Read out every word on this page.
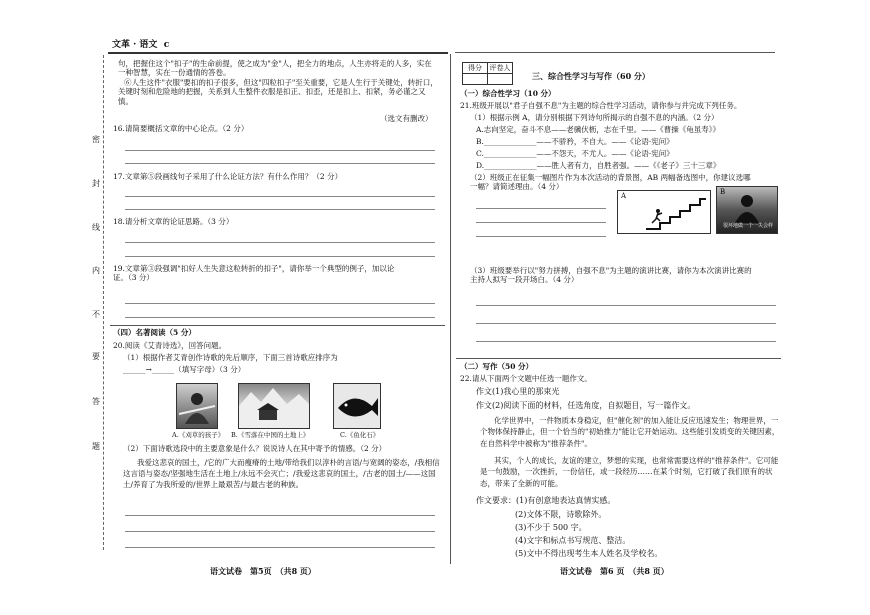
文革 · 语文 c
密
封
线
内
不
要
答
题
句，把握住这个"扣子"的生命前提，使之成为"金"人，把全力的地点，人生亦将走的人多，实在一种智慧，实在一份通情的答卷。
⑥人生这件"衣服"要扣的扣子很多，但这"四粒扣子"至关重要，它是人生行于关键处，转折口，关键时刻和危险地的把握，关系到人生整件衣服是扣正、扣歪，还是扣上、扣紧，务必谨之又慎。
（选文有删改）
16.请简要概括文章的中心论点。（2 分）
17.文章第⑤段画线句子采用了什么论证方法？有什么作用？（2 分）
18.请分析文章的论证思路。（3 分）
19.文章第③段强调"扣好人生失意这粒转折的扣子"，请你举一个典型的例子，加以论
证。（3 分）
（四）名著阅读（5 分）
20.阅读《艾青诗选》，回答问题。
（1）根据作者艾青创作诗歌的先后顺序，下面三首诗歌应排序为
______→______（填写字母）（3 分）
A.《刈草的孩子》 B.《雪落在中国的土地上》	C.《鱼化石》
（2）下面诗歌选段中的主要意象是什么？说说诗人在其中寄予的情感。（2 分）
我爱这悲哀的国土，/它的广大而瘦瘠的土地/带给我们以淳朴的言语/与宽阔的姿态，/我相信这言语与姿态/坚强地生活在土地上/永远不会灭亡；/我爱这悲哀的国土，/古老的国土/——这国土/养育了为我所爱的/世界上最艰苦/与最古老的种族。
语文试卷　第5页　（共8 页）
得分	评卷人

三、综合性学习与写作（60 分）
（一）综合性学习（10 分）
21.班级开展以"君子自强不息"为主题的综合性学习活动，请你参与并完成下列任务。
（1）根据示例 A，请分别根据下列诗句所揭示的自强不息的内涵。（2 分）
A.志向坚定，奋斗不息——老骥伏枥，志在千里。——《曹操《龟虽寿》》
B.______________——不骄矜，不自大。——《论语·宪问》
C.______________——不怨天，不尤人。——《论语·宪问》
D.______________——胜人者有力，自胜者强。——《《老子》三十三章》
（2）班级正在征集一幅图片作为本次活动的背景图，AB 两幅备选图中，你建议选哪
一幅？请简述理由。（4 分）
A	B
很坏地做一个一失会样
（3）班级要举行以"努力拼搏，自强不息"为主题的演讲比赛，请你为本次演讲比赛的
主持人拟写一段开场白。（4 分）
（二）写作（50 分）
22.请从下面两个文题中任选一题作文。
作文(1)我心里的那束光
作文(2)阅读下面的材料，任选角度，自拟题目，写一篇作文。
化学世界中，一件物质本身稳定，但"催化剂"的加入能让反应迅速发生；物理世界，一个物体保持静止，但一个恰当的"初始推力"能让它开始运动。这些能引发质变的关键因素，在自然科学中被称为"推荐条件"。
其实，个人的成长，友谊的建立，梦想的实现，也常常需要这样的"推荐条件"。它可能是一句鼓励，一次挫折，一份信任，或一段经历……在某个时刻，它打破了我们原有的状态，带来了全新的可能。
作文要求：(1)有创意地表达真情实感。
(2)文体不限，诗歌除外。
(3)不少于 500 字。
(4)文字和标点书写规范、整洁。
(5)文中不得出现考生本人姓名及学校名。
语文试卷　第6 页　（共8 页）
